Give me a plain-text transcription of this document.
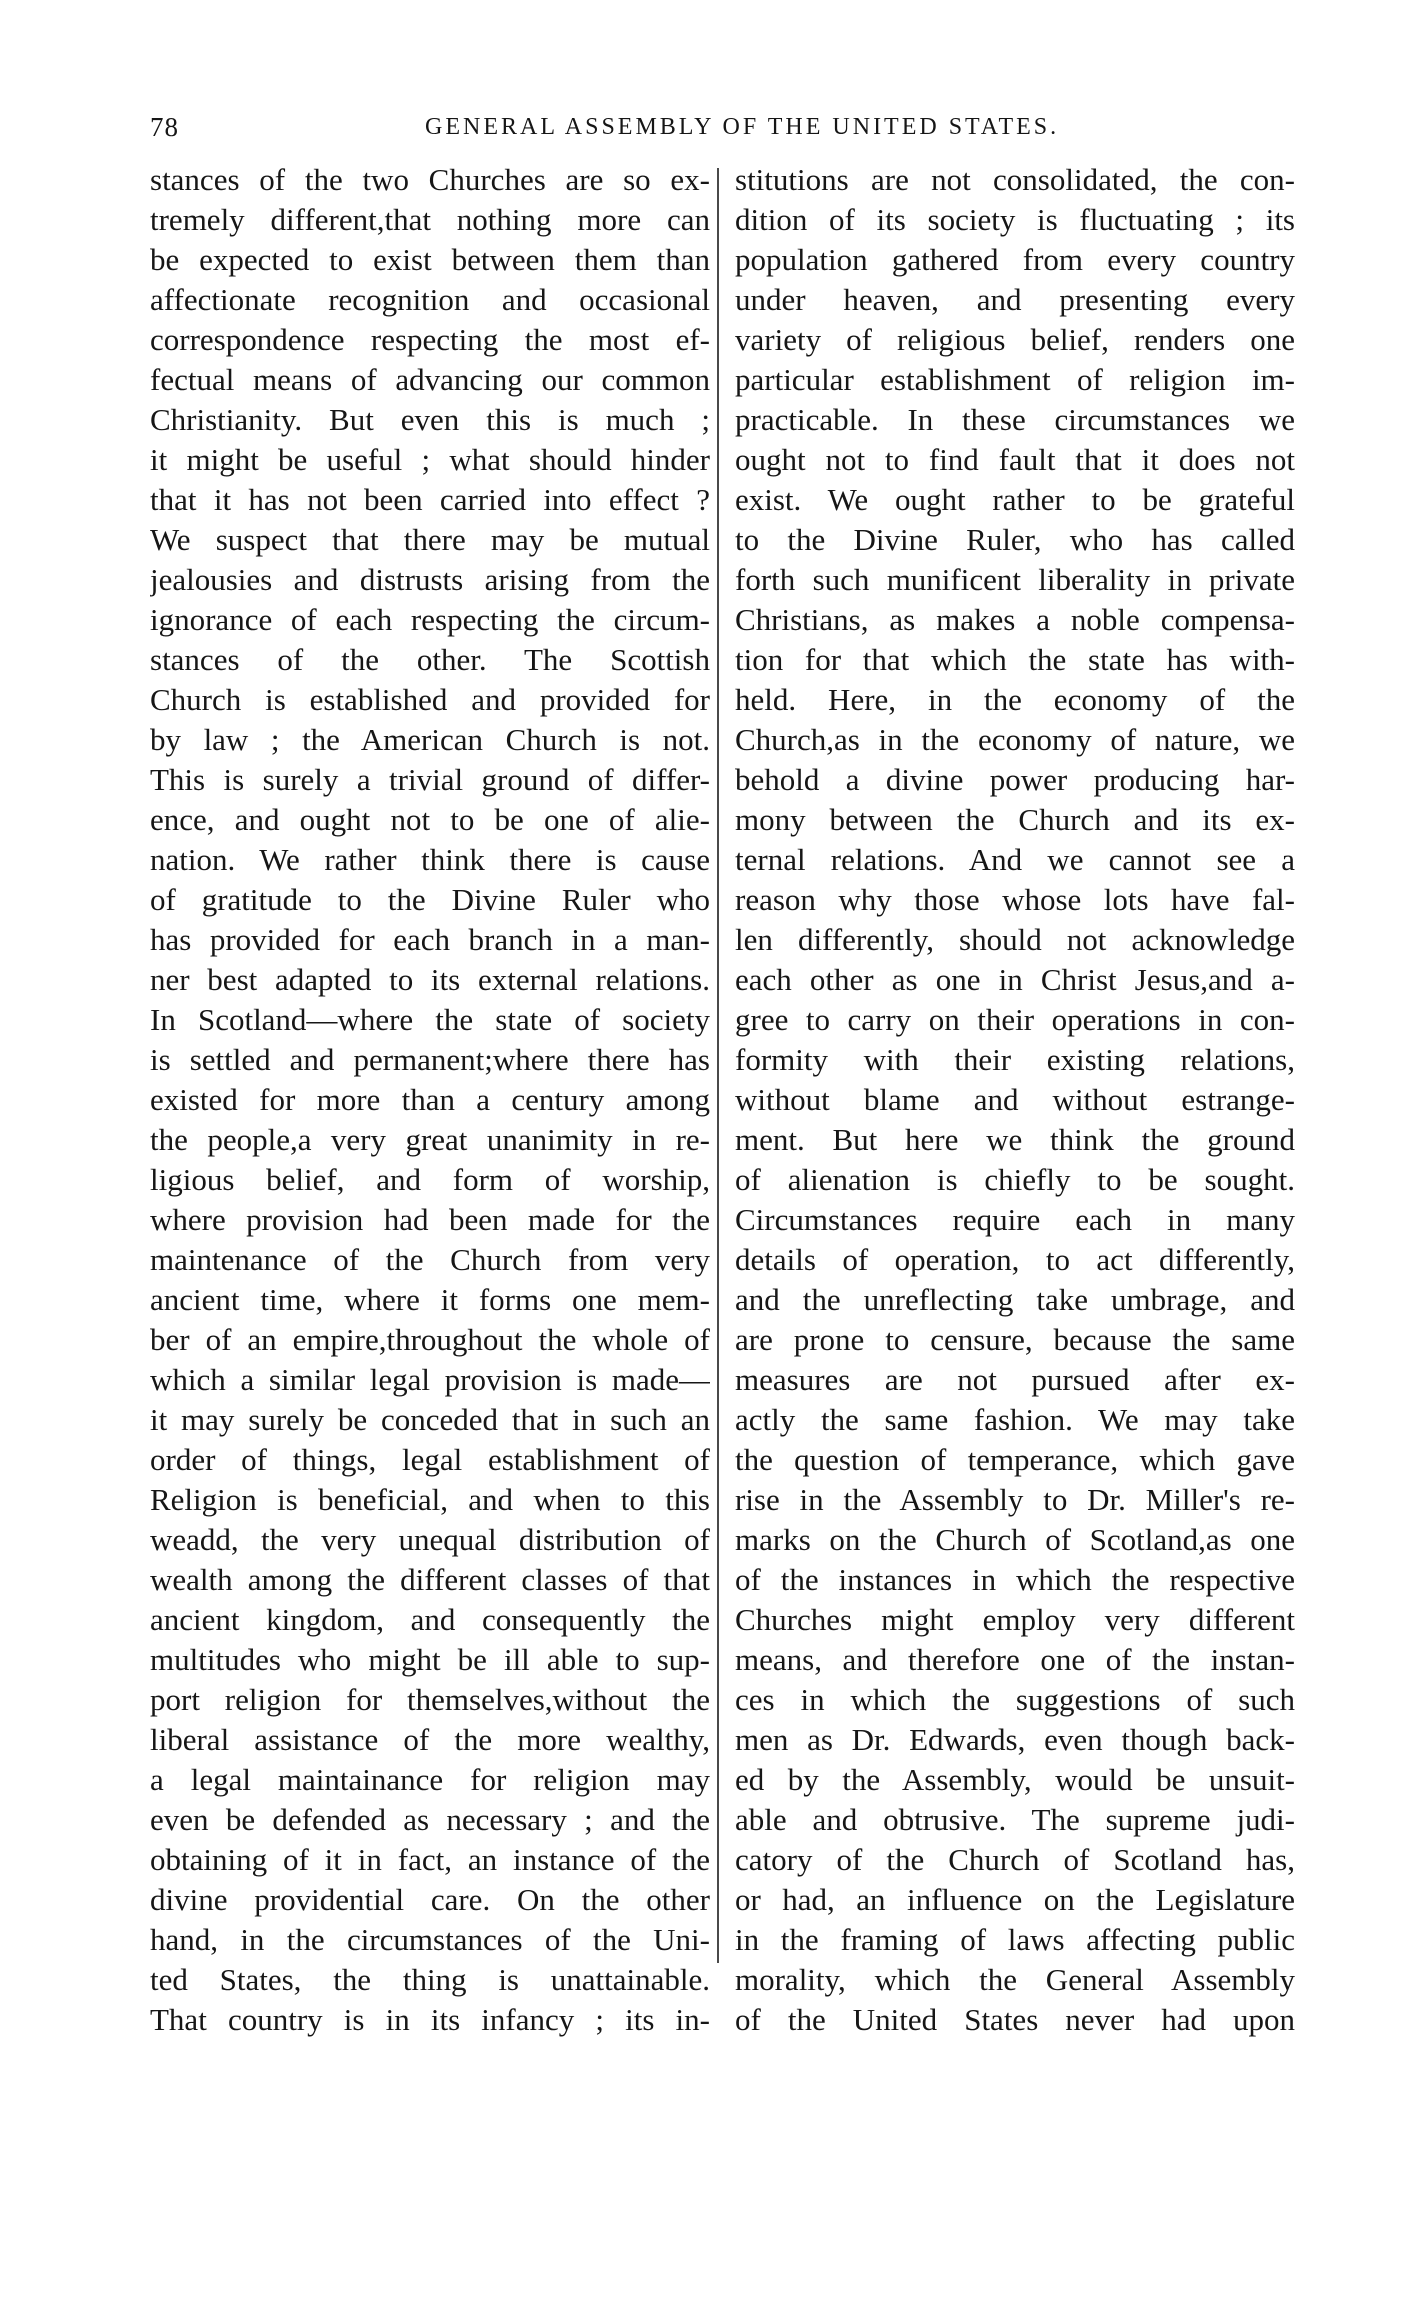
78	GENERAL ASSEMBLY OF THE UNITED STATES.
stances of the two Churches are so ex-
tremely different,that nothing more can
be expected to exist between them than
affectionate recognition and occasional
correspondence respecting the most ef-
fectual means of advancing our common
Christianity. But even this is much ;
it might be useful ; what should hinder
that it has not been carried into effect ?
We suspect that there may be mutual
jealousies and distrusts arising from the
ignorance of each respecting the circum-
stances of the other. The Scottish
Church is established and provided for
by law ; the American Church is not.
This is surely a trivial ground of differ-
ence, and ought not to be one of alie-
nation. We rather think there is cause
of gratitude to the Divine Ruler who
has provided for each branch in a man-
ner best adapted to its external relations.
In Scotland—where the state of society
is settled and permanent;where there has
existed for more than a century among
the people,a very great unanimity in re-
ligious belief, and form of worship,
where provision had been made for the
maintenance of the Church from very
ancient time, where it forms one mem-
ber of an empire,throughout the whole of
which a similar legal provision is made—
it may surely be conceded that in such an
order of things, legal establishment of
Religion is beneficial, and when to this
weadd, the very unequal distribution of
wealth among the different classes of that
ancient kingdom, and consequently the
multitudes who might be ill able to sup-
port religion for themselves,without the
liberal assistance of the more wealthy,
a legal maintainance for religion may
even be defended as necessary ; and the
obtaining of it in fact, an instance of the
divine providential care. On the other
hand, in the circumstances of the Uni-
ted States, the thing is unattainable.
That country is in its infancy ; its in-
stitutions are not consolidated, the con-
dition of its society is fluctuating ; its
population gathered from every country
under heaven, and presenting every
variety of religious belief, renders one
particular establishment of religion im-
practicable. In these circumstances we
ought not to find fault that it does not
exist. We ought rather to be grateful
to the Divine Ruler, who has called
forth such munificent liberality in private
Christians, as makes a noble compensa-
tion for that which the state has with-
held. Here, in the economy of the
Church,as in the economy of nature, we
behold a divine power producing har-
mony between the Church and its ex-
ternal relations. And we cannot see a
reason why those whose lots have fal-
len differently, should not acknowledge
each other as one in Christ Jesus,and a-
gree to carry on their operations in con-
formity with their existing relations,
without blame and without estrange-
ment. But here we think the ground
of alienation is chiefly to be sought.
Circumstances require each in many
details of operation, to act differently,
and the unreflecting take umbrage, and
are prone to censure, because the same
measures are not pursued after ex-
actly the same fashion. We may take
the question of temperance, which gave
rise in the Assembly to Dr. Miller's re-
marks on the Church of Scotland,as one
of the instances in which the respective
Churches might employ very different
means, and therefore one of the instan-
ces in which the suggestions of such
men as Dr. Edwards, even though back-
ed by the Assembly, would be unsuit-
able and obtrusive. The supreme judi-
catory of the Church of Scotland has,
or had, an influence on the Legislature
in the framing of laws affecting public
morality, which the General Assembly
of the United States never had upon
